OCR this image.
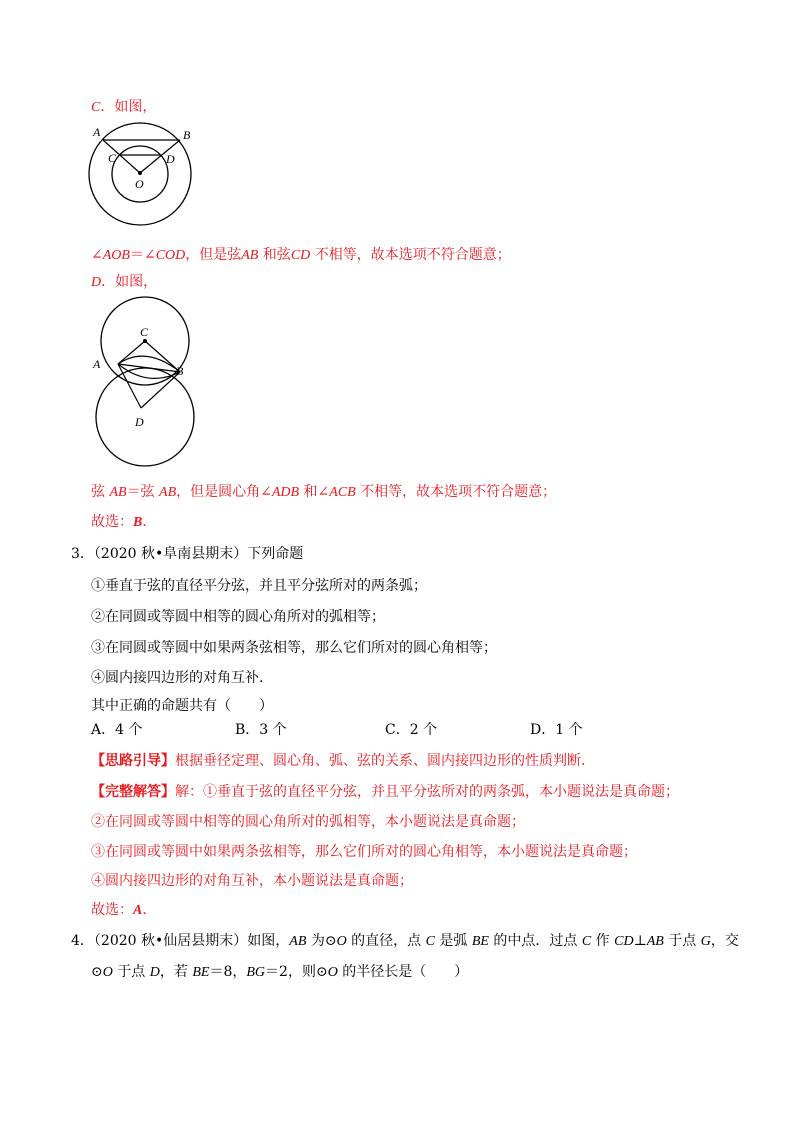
C．如图，
A	B
C	D
O
∠AOB＝∠COD，但是弦AB 和弦CD 不相等，故本选项不符合题意；
D．如图，
C
A	B
D
弦 AB＝弦 AB，但是圆心角∠ADB 和∠ACB 不相等，故本选项不符合题意；
故选：B．
3．（2020 秋•阜南县期末）下列命题
①垂直于弦的直径平分弦，并且平分弦所对的两条弧；
②在同圆或等圆中相等的圆心角所对的弧相等；
③在同圆或等圆中如果两条弦相等，那么它们所对的圆心角相等；
④圆内接四边形的对角互补.
其中正确的命题共有（　　）
A．4 个	B．3 个	C．2 个	D．1 个
【思路引导】根据垂径定理、圆心角、弧、弦的关系、圆内接四边形的性质判断.
【完整解答】解：①垂直于弦的直径平分弦，并且平分弦所对的两条弧，本小题说法是真命题；
②在同圆或等圆中相等的圆心角所对的弧相等，本小题说法是真命题；
③在同圆或等圆中如果两条弦相等，那么它们所对的圆心角相等，本小题说法是真命题；
④圆内接四边形的对角互补，本小题说法是真命题；
故选：A．
4．（2020 秋•仙居县期末）如图，AB 为⊙O 的直径，点 C 是弧 BE 的中点．过点 C 作 CD⊥AB 于点 G，交
⊙O 于点 D，若 BE＝8，BG＝2，则⊙O 的半径长是（　　）
